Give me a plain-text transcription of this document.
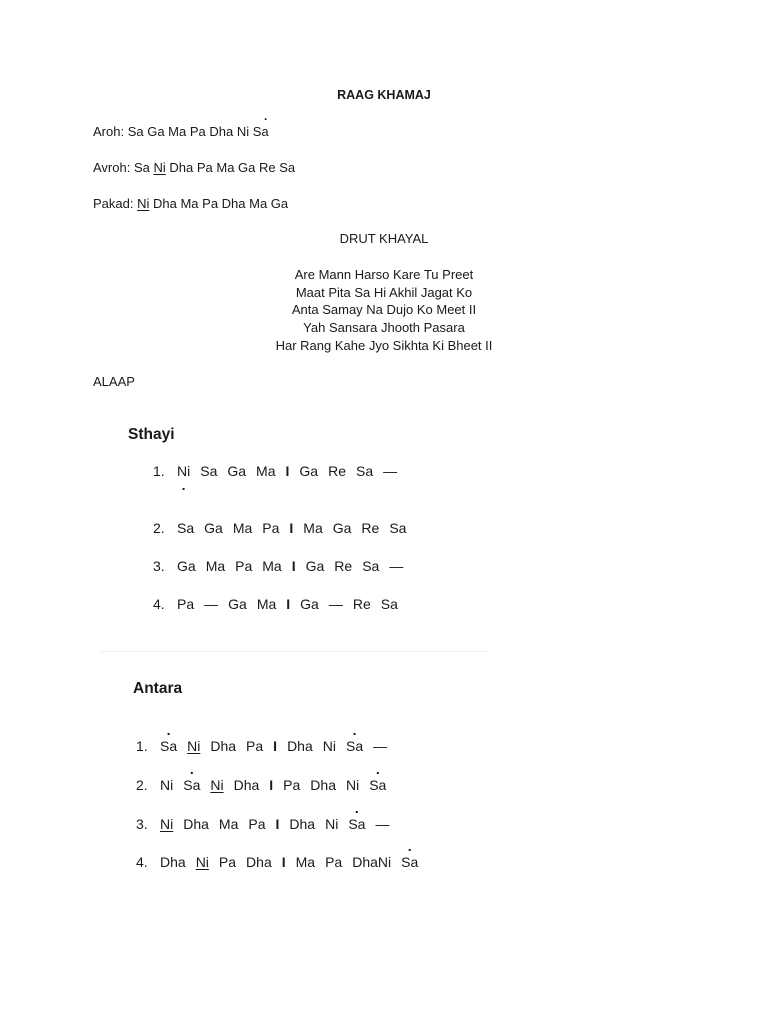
RAAG KHAMAJ
Aroh: Sa Ga Ma Pa Dha Ni Sa
.
Avroh: Sa Ni Dha Pa Ma Ga Re Sa
Pakad: Ni Dha Ma Pa Dha Ma Ga
DRUT KHAYAL
Are Mann Harso Kare Tu Preet
Maat Pita Sa Hi Akhil Jagat Ko
Anta Samay Na Dujo Ko Meet II
Yah Sansara Jhooth Pasara
Har Rang Kahe Jyo Sikhta Ki Bheet II
ALAAP
Sthayi
1. Ni
.
Sa Ga Ma I Ga Re Sa —
2. Sa Ga Ma Pa I Ma Ga Re Sa
3. Ga Ma Pa Ma I Ga Re Sa —
4. Pa — Ga Ma I Ga — Re Sa
Antara
1. Sa
.
Ni Dha Pa I Dha Ni Sa
.
—
2. Ni Sa
.
Ni Dha I Pa Dha Ni Sa
.
3. Ni Dha Ma Pa I Dha Ni Sa
.
—
4. Dha Ni Pa Dha I Ma Pa DhaNi Sa
.
